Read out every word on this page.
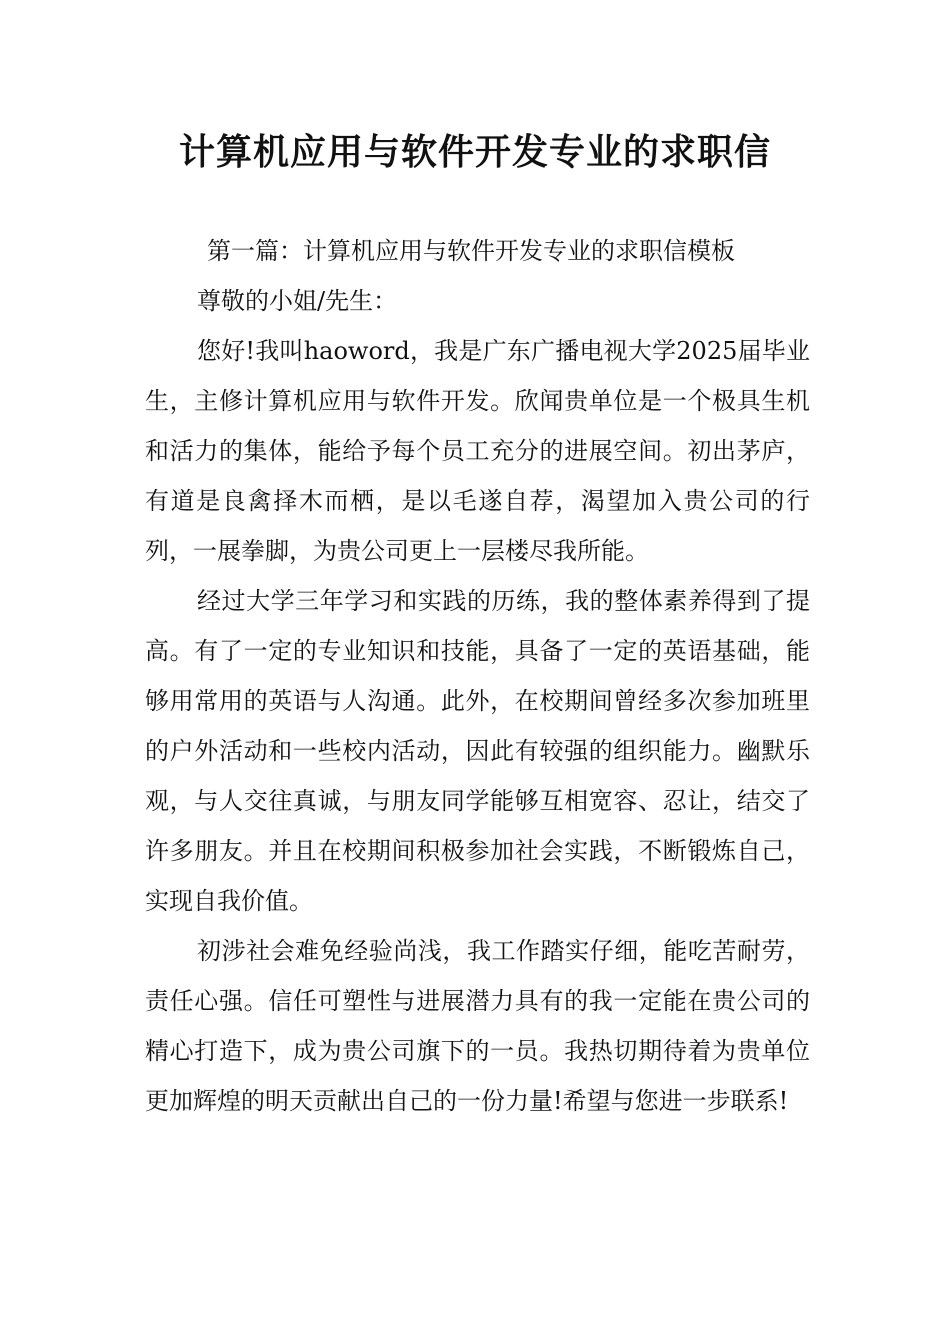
计算机应用与软件开发专业的求职信

第一篇：计算机应用与软件开发专业的求职信模板

尊敬的小姐/先生：

您好!我叫haoword，我是广东广播电视大学2025届毕业生，主修计算机应用与软件开发。欣闻贵单位是一个极具生机和活力的集体，能给予每个员工充分的进展空间。初出茅庐，有道是良禽择木而栖，是以毛遂自荐，渴望加入贵公司的行列，一展拳脚，为贵公司更上一层楼尽我所能。

经过大学三年学习和实践的历练，我的整体素养得到了提高。有了一定的专业知识和技能，具备了一定的英语基础，能够用常用的英语与人沟通。此外，在校期间曾经多次参加班里的户外活动和一些校内活动，因此有较强的组织能力。幽默乐观，与人交往真诚，与朋友同学能够互相宽容、忍让，结交了许多朋友。并且在校期间积极参加社会实践，不断锻炼自己，实现自我价值。

初涉社会难免经验尚浅，我工作踏实仔细，能吃苦耐劳，责任心强。信任可塑性与进展潜力具有的我一定能在贵公司的精心打造下，成为贵公司旗下的一员。我热切期待着为贵单位更加辉煌的明天贡献出自己的一份力量!希望与您进一步联系!
